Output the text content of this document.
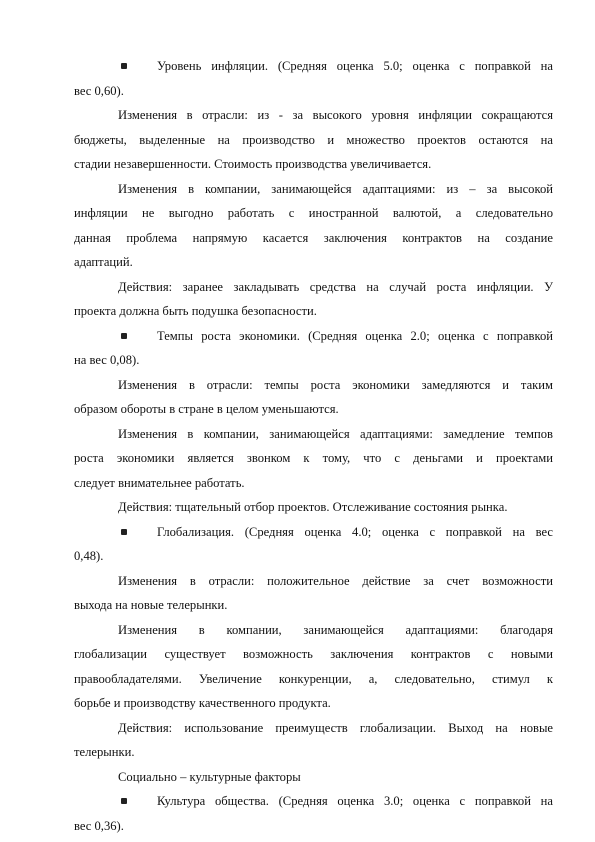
Уровень инфляции. (Средняя оценка 5.0; оценка с поправкой на

вес 0,60).

Изменения в отрасли: из - за высокого уровня инфляции сокращаются

бюджеты, выделенные на производство и множество проектов остаются на

стадии незавершенности. Стоимость производства увеличивается.

Изменения в компании, занимающейся адаптациями: из – за высокой

инфляции не выгодно работать с иностранной валютой, а следовательно

данная проблема напрямую касается заключения контрактов на создание

адаптаций.

Действия: заранее закладывать средства на случай роста инфляции. У

проекта должна быть подушка безопасности.

Темпы роста экономики. (Средняя оценка 2.0; оценка с поправкой

на вес 0,08).

Изменения в отрасли: темпы роста экономики замедляются и таким

образом обороты в стране в целом уменьшаются.

Изменения в компании, занимающейся адаптациями: замедление темпов

роста экономики является звонком к тому, что с деньгами и проектами

следует внимательнее работать.

Действия: тщательный отбор проектов. Отслеживание состояния рынка.

Глобализация. (Средняя оценка 4.0; оценка с поправкой на вес

0,48).

Изменения в отрасли: положительное действие за счет возможности

выхода на новые телерынки.

Изменения в компании, занимающейся адаптациями: благодаря

глобализации существует возможность заключения контрактов с новыми

правообладателями. Увеличение конкуренции, а, следовательно, стимул к

борьбе и производству качественного продукта.

Действия: использование преимуществ глобализации. Выход на новые

телерынки.

Социально – культурные факторы

Культура общества. (Средняя оценка 3.0; оценка с поправкой на

вес 0,36).
